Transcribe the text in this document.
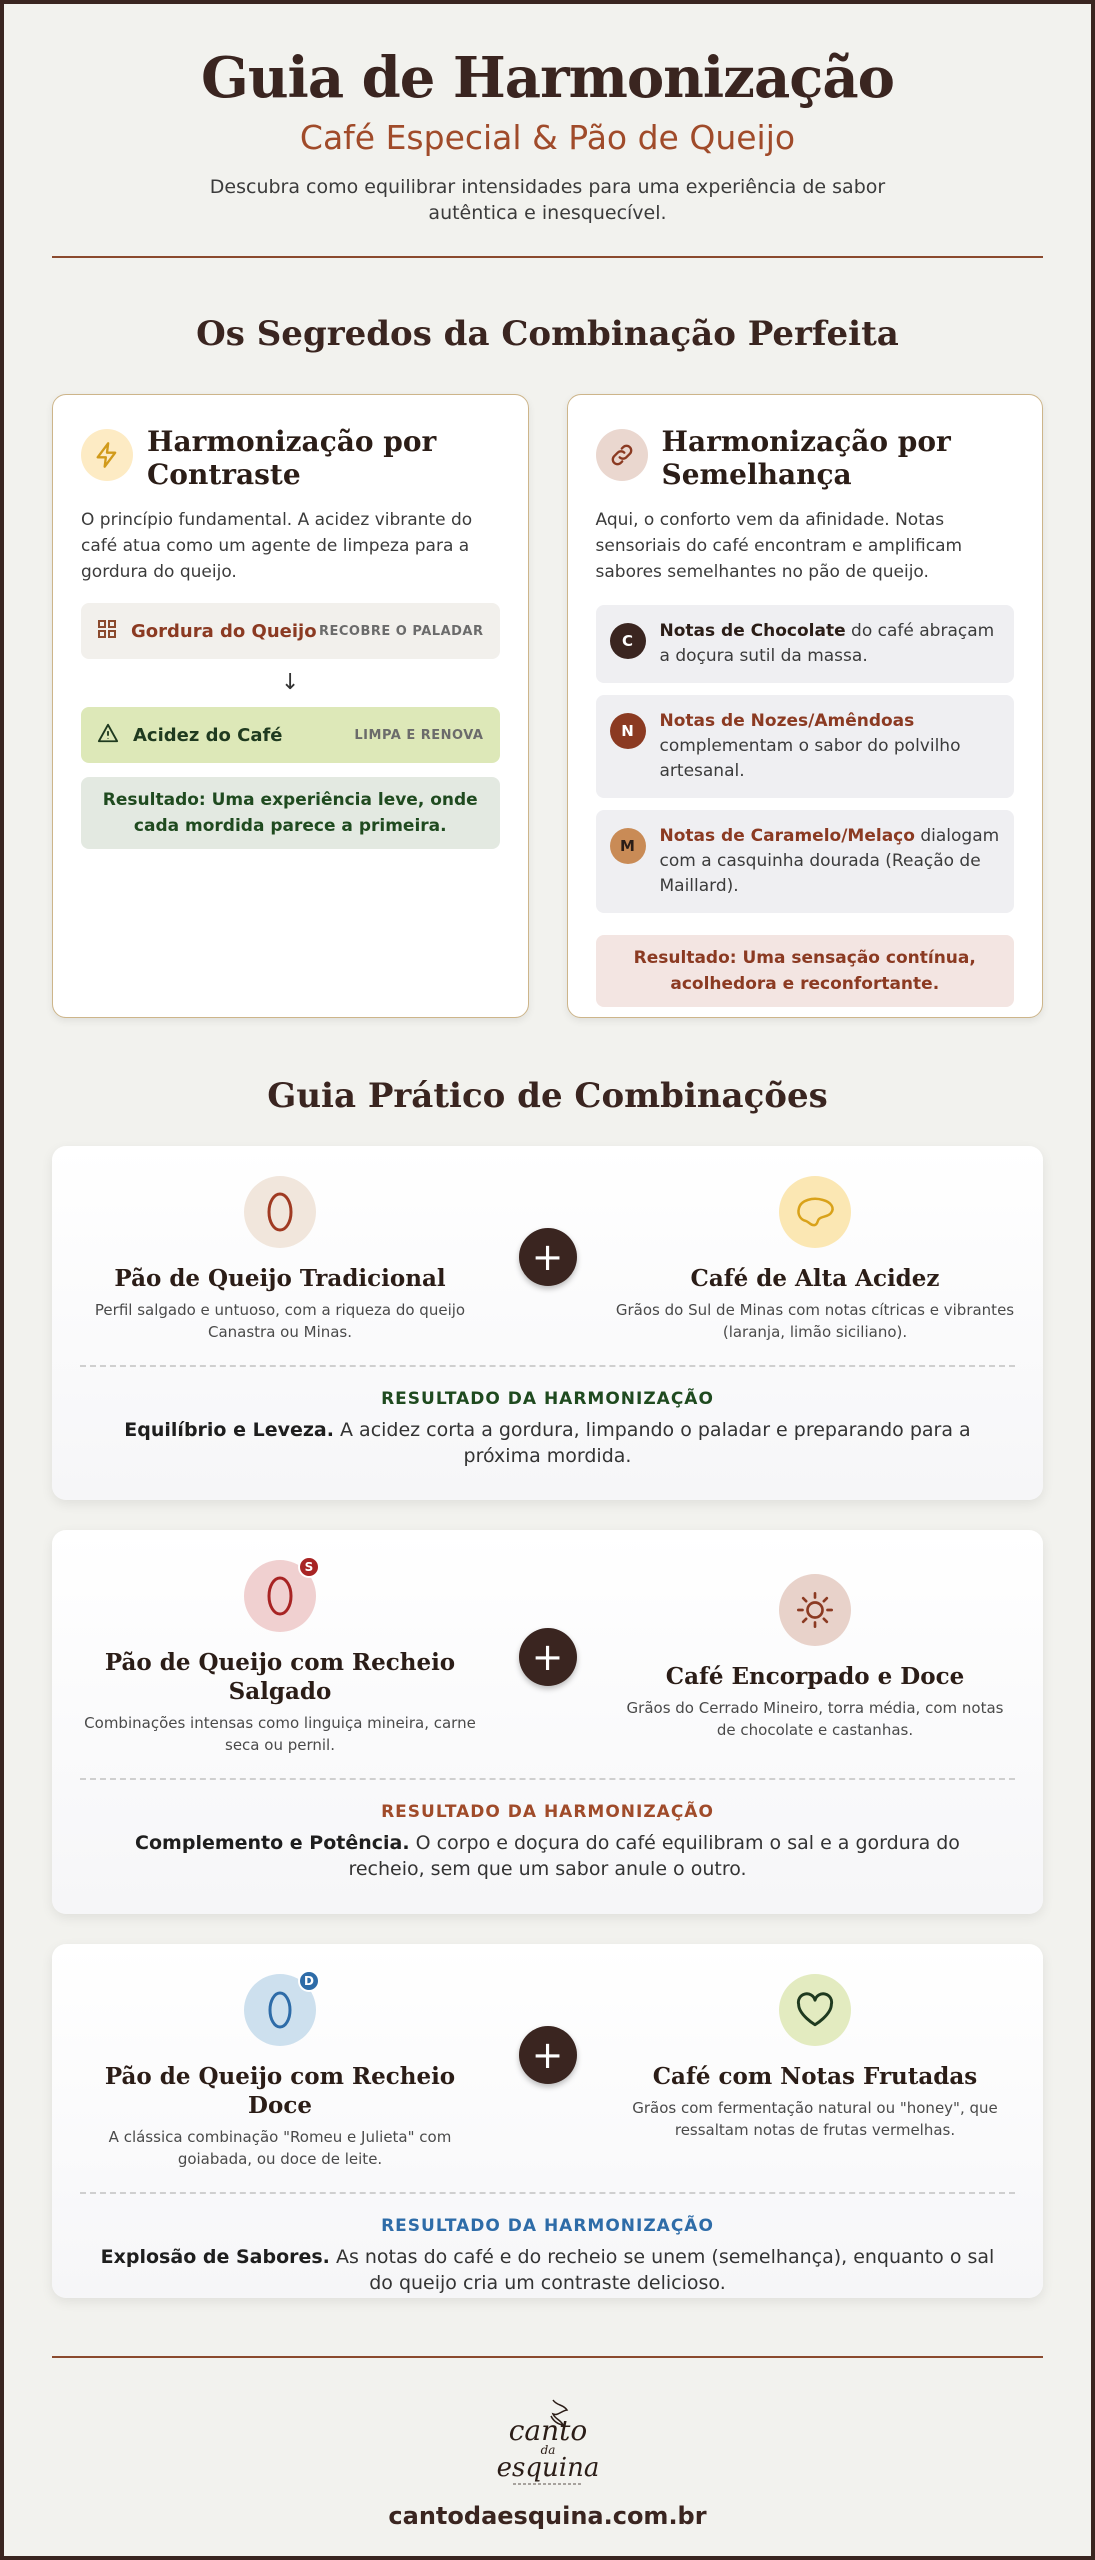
Guia de Harmonização
Café Especial & Pão de Queijo

Descubra como equilibrar intensidades para uma experiência de sabor autêntica e inesquecível.

Os Segredos da Combinação Perfeita
Harmonização por Contraste

O princípio fundamental. A acidez vibrante do café atua como um agente de limpeza para a gordura do queijo.

Gordura do Queijo RECOBRE O PALADAR
↓
Acidez do Café	LIMPA E RENOVA
Resultado: Uma experiência leve, onde cada mordida parece a primeira.
Harmonização por Semelhança

Aqui, o conforto vem da afinidade. Notas sensoriais do café encontram e amplificam sabores semelhantes no pão de queijo.

C	Notas de Chocolate do café abraçam a doçura sutil da massa.
N	Notas de Nozes/Amêndoas complementam o sabor do polvilho artesanal.
M	Notas de Caramelo/Melaço dialogam com a casquinha dourada (Reação de Maillard).
Resultado: Uma sensação contínua, acolhedora e reconfortante.
Guia Prático de Combinações
Pão de Queijo Tradicional
Perfil salgado e untuoso, com a riqueza do queijo Canastra ou Minas.
+	Café de Alta Acidez
Grãos do Sul de Minas com notas cítricas e vibrantes (laranja, limão siciliano).
RESULTADO DA HARMONIZAÇÃO
Equilíbrio e Leveza. A acidez corta a gordura, limpando o paladar e preparando para a próxima mordida.
S
Pão de Queijo com Recheio Salgado
Combinações intensas como linguiça mineira, carne seca ou pernil.
+	Café Encorpado e Doce
Grãos do Cerrado Mineiro, torra média, com notas de chocolate e castanhas.
RESULTADO DA HARMONIZAÇÃO
Complemento e Potência. O corpo e doçura do café equilibram o sal e a gordura do recheio, sem que um sabor anule o outro.
D
Pão de Queijo com Recheio Doce
A clássica combinação "Romeu e Julieta" com goiabada, ou doce de leite.
+	Café com Notas Frutadas
Grãos com fermentação natural ou "honey", que ressaltam notas de frutas vermelhas.
RESULTADO DA HARMONIZAÇÃO
Explosão de Sabores. As notas do café e do recheio se unem (semelhança), enquanto o sal do queijo cria um contraste delicioso.
canto
da
esquina
cantodaesquina.com.br
